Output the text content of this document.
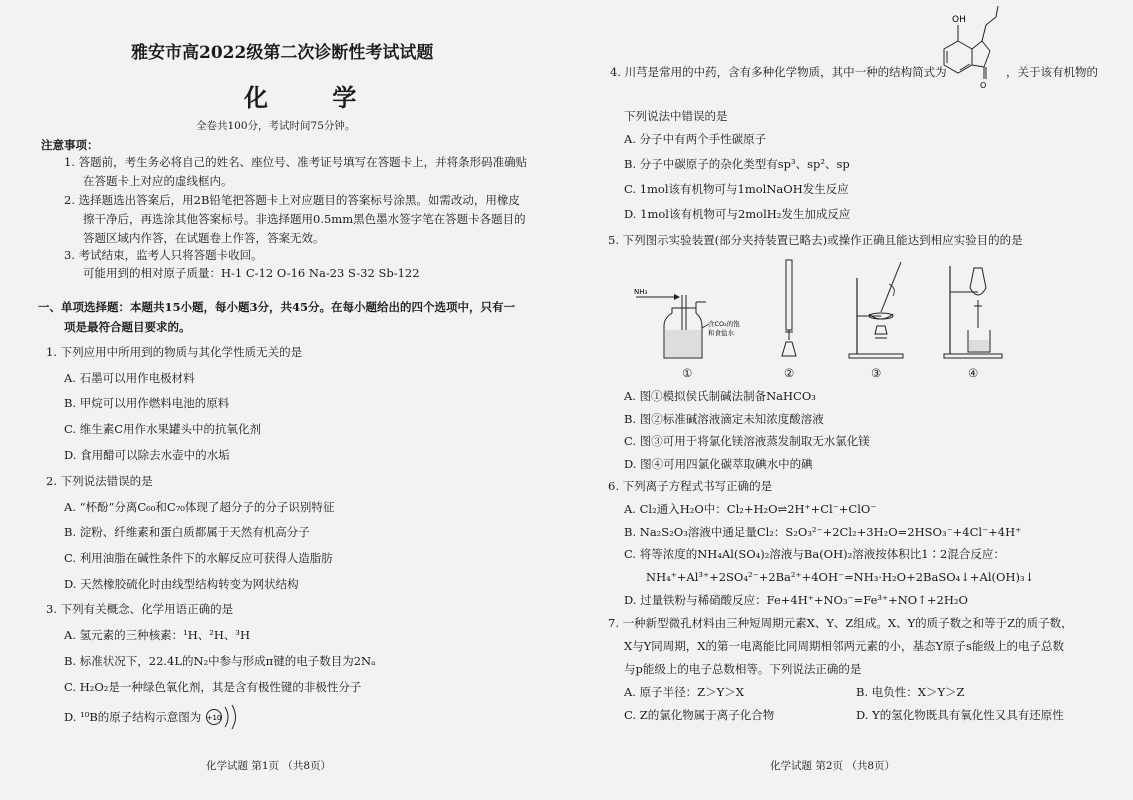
雅安市高2022级第二次诊断性考试试题
化 学
全卷共100分，考试时间75分钟。
注意事项：
1. 答题前，考生务必将自己的姓名、座位号、准考证号填写在答题卡上，并将条形码准确贴
在答题卡上对应的虚线框内。
2. 选择题选出答案后，用2B铅笔把答题卡上对应题目的答案标号涂黑。如需改动，用橡皮
擦干净后，再选涂其他答案标号。非选择题用0.5mm黑色墨水签字笔在答题卡各题目的
答题区域内作答，在试题卷上作答，答案无效。
3. 考试结束，监考人只将答题卡收回。
可能用到的相对原子质量：H-1 C-12 O-16 Na-23 S-32 Sb-122
一、单项选择题：本题共15小题，每小题3分，共45分。在每小题给出的四个选项中，只有一
项是最符合题目要求的。
1. 下列应用中所用到的物质与其化学性质无关的是
A. 石墨可以用作电极材料
B. 甲烷可以用作燃料电池的原料
C. 维生素C用作水果罐头中的抗氧化剂
D. 食用醋可以除去水壶中的水垢
2. 下列说法错误的是
A. “杯酚”分离C₆₀和C₇₀体现了超分子的分子识别特征
B. 淀粉、纤维素和蛋白质都属于天然有机高分子
C. 利用油脂在碱性条件下的水解反应可获得人造脂肪
D. 天然橡胶硫化时由线型结构转变为网状结构
3. 下列有关概念、化学用语正确的是
A. 氢元素的三种核素：¹H、²H、³H
B. 标准状况下，22.4L的N₂中参与形成π键的电子数目为2Nₐ
C. H₂O₂是一种绿色氧化剂，其是含有极性键的非极性分子
D. ¹⁰B的原子结构示意图为 +10
化学试题 第1页 （共8页）
4. 川芎是常用的中药，含有多种化学物质，其中一种的结构简式为
OH
O
，关于该有机物的
下列说法中错误的是
A. 分子中有两个手性碳原子
B. 分子中碳原子的杂化类型有sp³、sp²、sp
C. 1mol该有机物可与1molNaOH发生反应
D. 1mol该有机物可与2molH₂发生加成反应
5. 下列图示实验装置(部分夹持装置已略去)或操作正确且能达到相应实验目的的是
NH₃
含CO₂的饱
和食盐水
①	②	③	④
A. 图①模拟侯氏制碱法制备NaHCO₃
B. 图②标准碱溶液滴定未知浓度酸溶液
C. 图③可用于将氯化镁溶液蒸发制取无水氯化镁
D. 图④可用四氯化碳萃取碘水中的碘
6. 下列离子方程式书写正确的是
A. Cl₂通入H₂O中：Cl₂+H₂O⇌2H⁺+Cl⁻+ClO⁻
B. Na₂S₂O₃溶液中通足量Cl₂：S₂O₃²⁻+2Cl₂+3H₂O=2HSO₃⁻+4Cl⁻+4H⁺
C. 将等浓度的NH₄Al(SO₄)₂溶液与Ba(OH)₂溶液按体积比1∶2混合反应：
NH₄⁺+Al³⁺+2SO₄²⁻+2Ba²⁺+4OH⁻=NH₃·H₂O+2BaSO₄↓+Al(OH)₃↓
D. 过量铁粉与稀硝酸反应：Fe+4H⁺+NO₃⁻=Fe³⁺+NO↑+2H₂O
7. 一种新型微孔材料由三种短周期元素X、Y、Z组成。X、Y的质子数之和等于Z的质子数，
X与Y同周期，X的第一电离能比同周期相邻两元素的小，基态Y原子s能级上的电子总数
与p能级上的电子总数相等。下列说法正确的是
A. 原子半径：Z＞Y＞X	B. 电负性：X＞Y＞Z
C. Z的氯化物属于离子化合物	D. Y的氢化物既具有氧化性又具有还原性
化学试题 第2页 （共8页）
